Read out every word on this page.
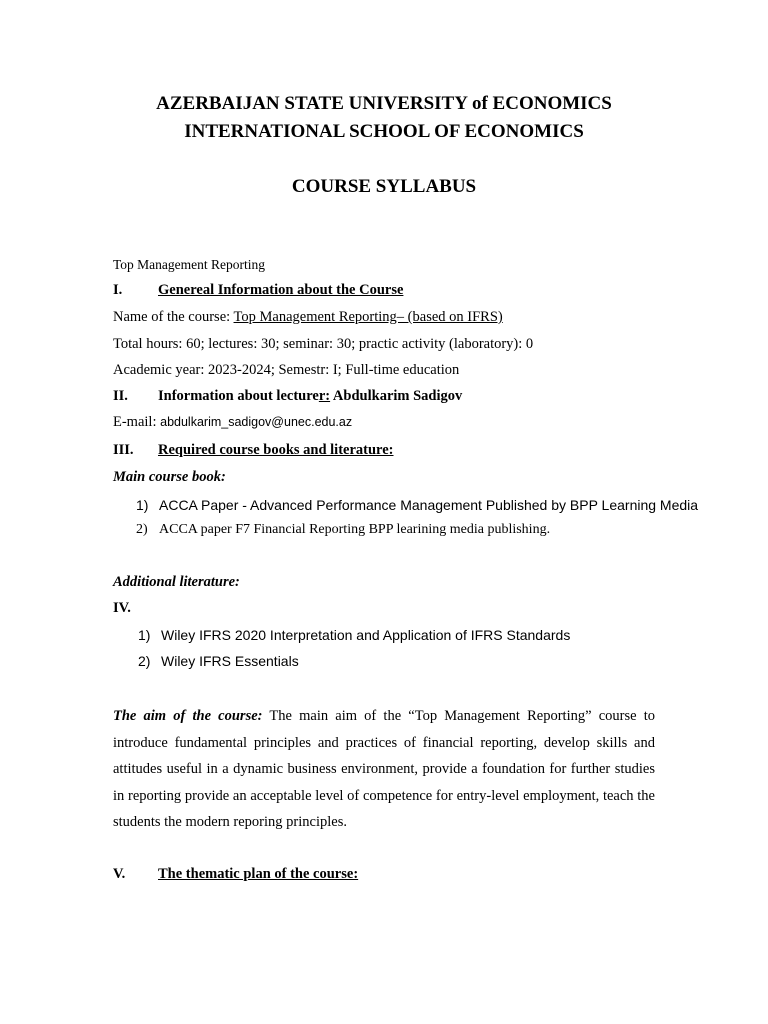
AZERBAIJAN STATE UNIVERSITY of ECONOMICS
INTERNATIONAL SCHOOL OF ECONOMICS
COURSE SYLLABUS
Top Management Reporting
I. Genereal Information about the Course
Name of the course: Top Management Reporting– (based on IFRS)
Total hours: 60; lectures: 30; seminar: 30; practic activity (laboratory): 0
Academic year: 2023-2024; Semestr: I; Full-time education
II. Information about lecturer: Abdulkarim Sadigov
E-mail: abdulkarim_sadigov@unec.edu.az
III. Required course books and literature:
Main course book:
1) ACCA Paper - Advanced Performance Management Published by BPP Learning Media
2) ACCA paper F7 Financial Reporting BPP learining media publishing.
Additional literature:
IV.
1) Wiley IFRS 2020 Interpretation and Application of IFRS Standards
2) Wiley IFRS Essentials
The aim of the course: The main aim of the “Top Management Reporting” course to introduce fundamental principles and practices of financial reporting, develop skills and attitudes useful in a dynamic business environment, provide a foundation for further studies in reporting provide an acceptable level of competence for entry-level employment, teach the students the modern reporing principles.
V. The thematic plan of the course:
